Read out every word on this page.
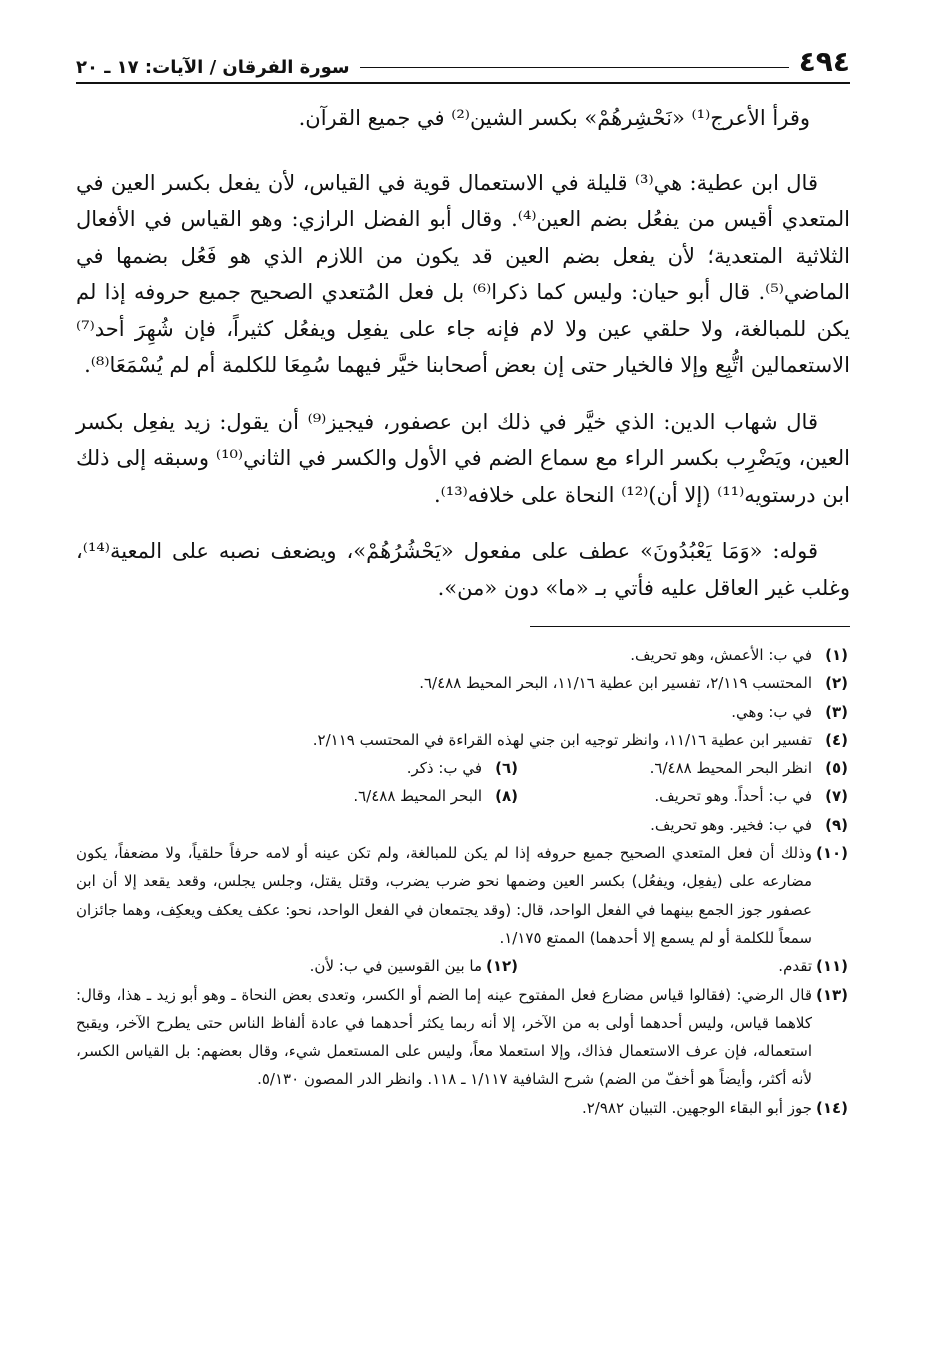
٤٩٤
سورة الفرقان / الآيات: ١٧ ـ ٢٠

وقرأ الأعرج⁽¹⁾ «نَحْشِرهُمْ» بكسر الشين⁽²⁾ في جميع القرآن.

قال ابن عطية: هي⁽³⁾ قليلة في الاستعمال قوية في القياس، لأن يفعل بكسر العين في المتعدي أقيس من يفعُل بضم العين⁽⁴⁾. وقال أبو الفضل الرازي: وهو القياس في الأفعال الثلاثية المتعدية؛ لأن يفعل بضم العين قد يكون من اللازم الذي هو فَعُل بضمها في الماضي⁽⁵⁾. قال أبو حيان: وليس كما ذكرا⁽⁶⁾ بل فعل المُتعدي الصحيح جميع حروفه إذا لم يكن للمبالغة، ولا حلقي عين ولا لام فإنه جاء على يفعِل ويفعُل كثيراً، فإن شُهِرَ أحد⁽⁷⁾ الاستعمالين اتُّبِع وإلا فالخيار حتى إن بعض أصحابنا خيَّر فيهما سُمِعَا للكلمة أم لم يُسْمَعَا⁽⁸⁾.

قال شهاب الدين: الذي خيَّر في ذلك ابن عصفور، فيجيز⁽⁹⁾ أن يقول: زيد يفعِل بكسر العين، ويَضْرِب بكسر الراء مع سماع الضم في الأول والكسر في الثاني⁽¹⁰⁾ وسبقه إلى ذلك ابن درستويه⁽¹¹⁾ (إلا أن)⁽¹²⁾ النحاة على خلافه⁽¹³⁾.

قوله: «وَمَا يَعْبُدُونَ» عطف على مفعول «يَحْشُرُهُمْ»، ويضعف نصبه على المعية⁽¹⁴⁾، وغلب غير العاقل عليه فأتي بـ «ما» دون «من».

(١)
في ب: الأعمش، وهو تحريف.
(٢)
المحتسب ٢/١١٩، تفسير ابن عطية ١١/١٦، البحر المحيط ٦/٤٨٨.
(٣)
في ب: وهي.
(٤)
تفسير ابن عطية ١١/١٦، وانظر توجيه ابن جني لهذه القراءة في المحتسب ٢/١١٩.
(٥)
انظر البحر المحيط ٦/٤٨٨.
(٦)
في ب: ذكر.
(٧)
في ب: أحداً. وهو تحريف.
(٨)
البحر المحيط ٦/٤٨٨.
(٩)
في ب: فخير. وهو تحريف.
(١٠)
وذلك أن فعل المتعدي الصحيح جميع حروفه إذا لم يكن للمبالغة، ولم تكن عينه أو لامه حرفاً حلقياً، ولا مضعفاً، يكون مضارعه على (يفعِل، ويفعُل) بكسر العين وضمها نحو ضرب يضرب، وقتل يقتل، وجلس يجلس، وقعد يقعد إلا أن ابن عصفور جوز الجمع بينهما في الفعل الواحد، قال: (وقد يجتمعان في الفعل الواحد، نحو: عكف يعكف ويعكِف، وهما جائزان سمعاً للكلمة أو لم يسمع إلا أحدهما) الممتع ١/١٧٥.
(١١)
تقدم.
(١٢)
ما بين القوسين في ب: لأن.
(١٣)
قال الرضي: (فقالوا قياس مضارع فعل المفتوح عينه إما الضم أو الكسر، وتعدى بعض النحاة ـ وهو أبو زيد ـ هذا، وقال: كلاهما قياس، وليس أحدهما أولى به من الآخر، إلا أنه ربما يكثر أحدهما في عادة ألفاظ الناس حتى يطرح الآخر، ويقبح استعماله، فإن عرف الاستعمال فذاك، وإلا استعملا معاً، وليس على المستعمل شيء، وقال بعضهم: بل القياس الكسر، لأنه أكثر، وأيضاً هو أخفّ من الضم) شرح الشافية ١/١١٧ ـ ١١٨. وانظر الدر المصون ٥/١٣٠.
(١٤)
جوز أبو البقاء الوجهين. التبيان ٢/٩٨٢.
